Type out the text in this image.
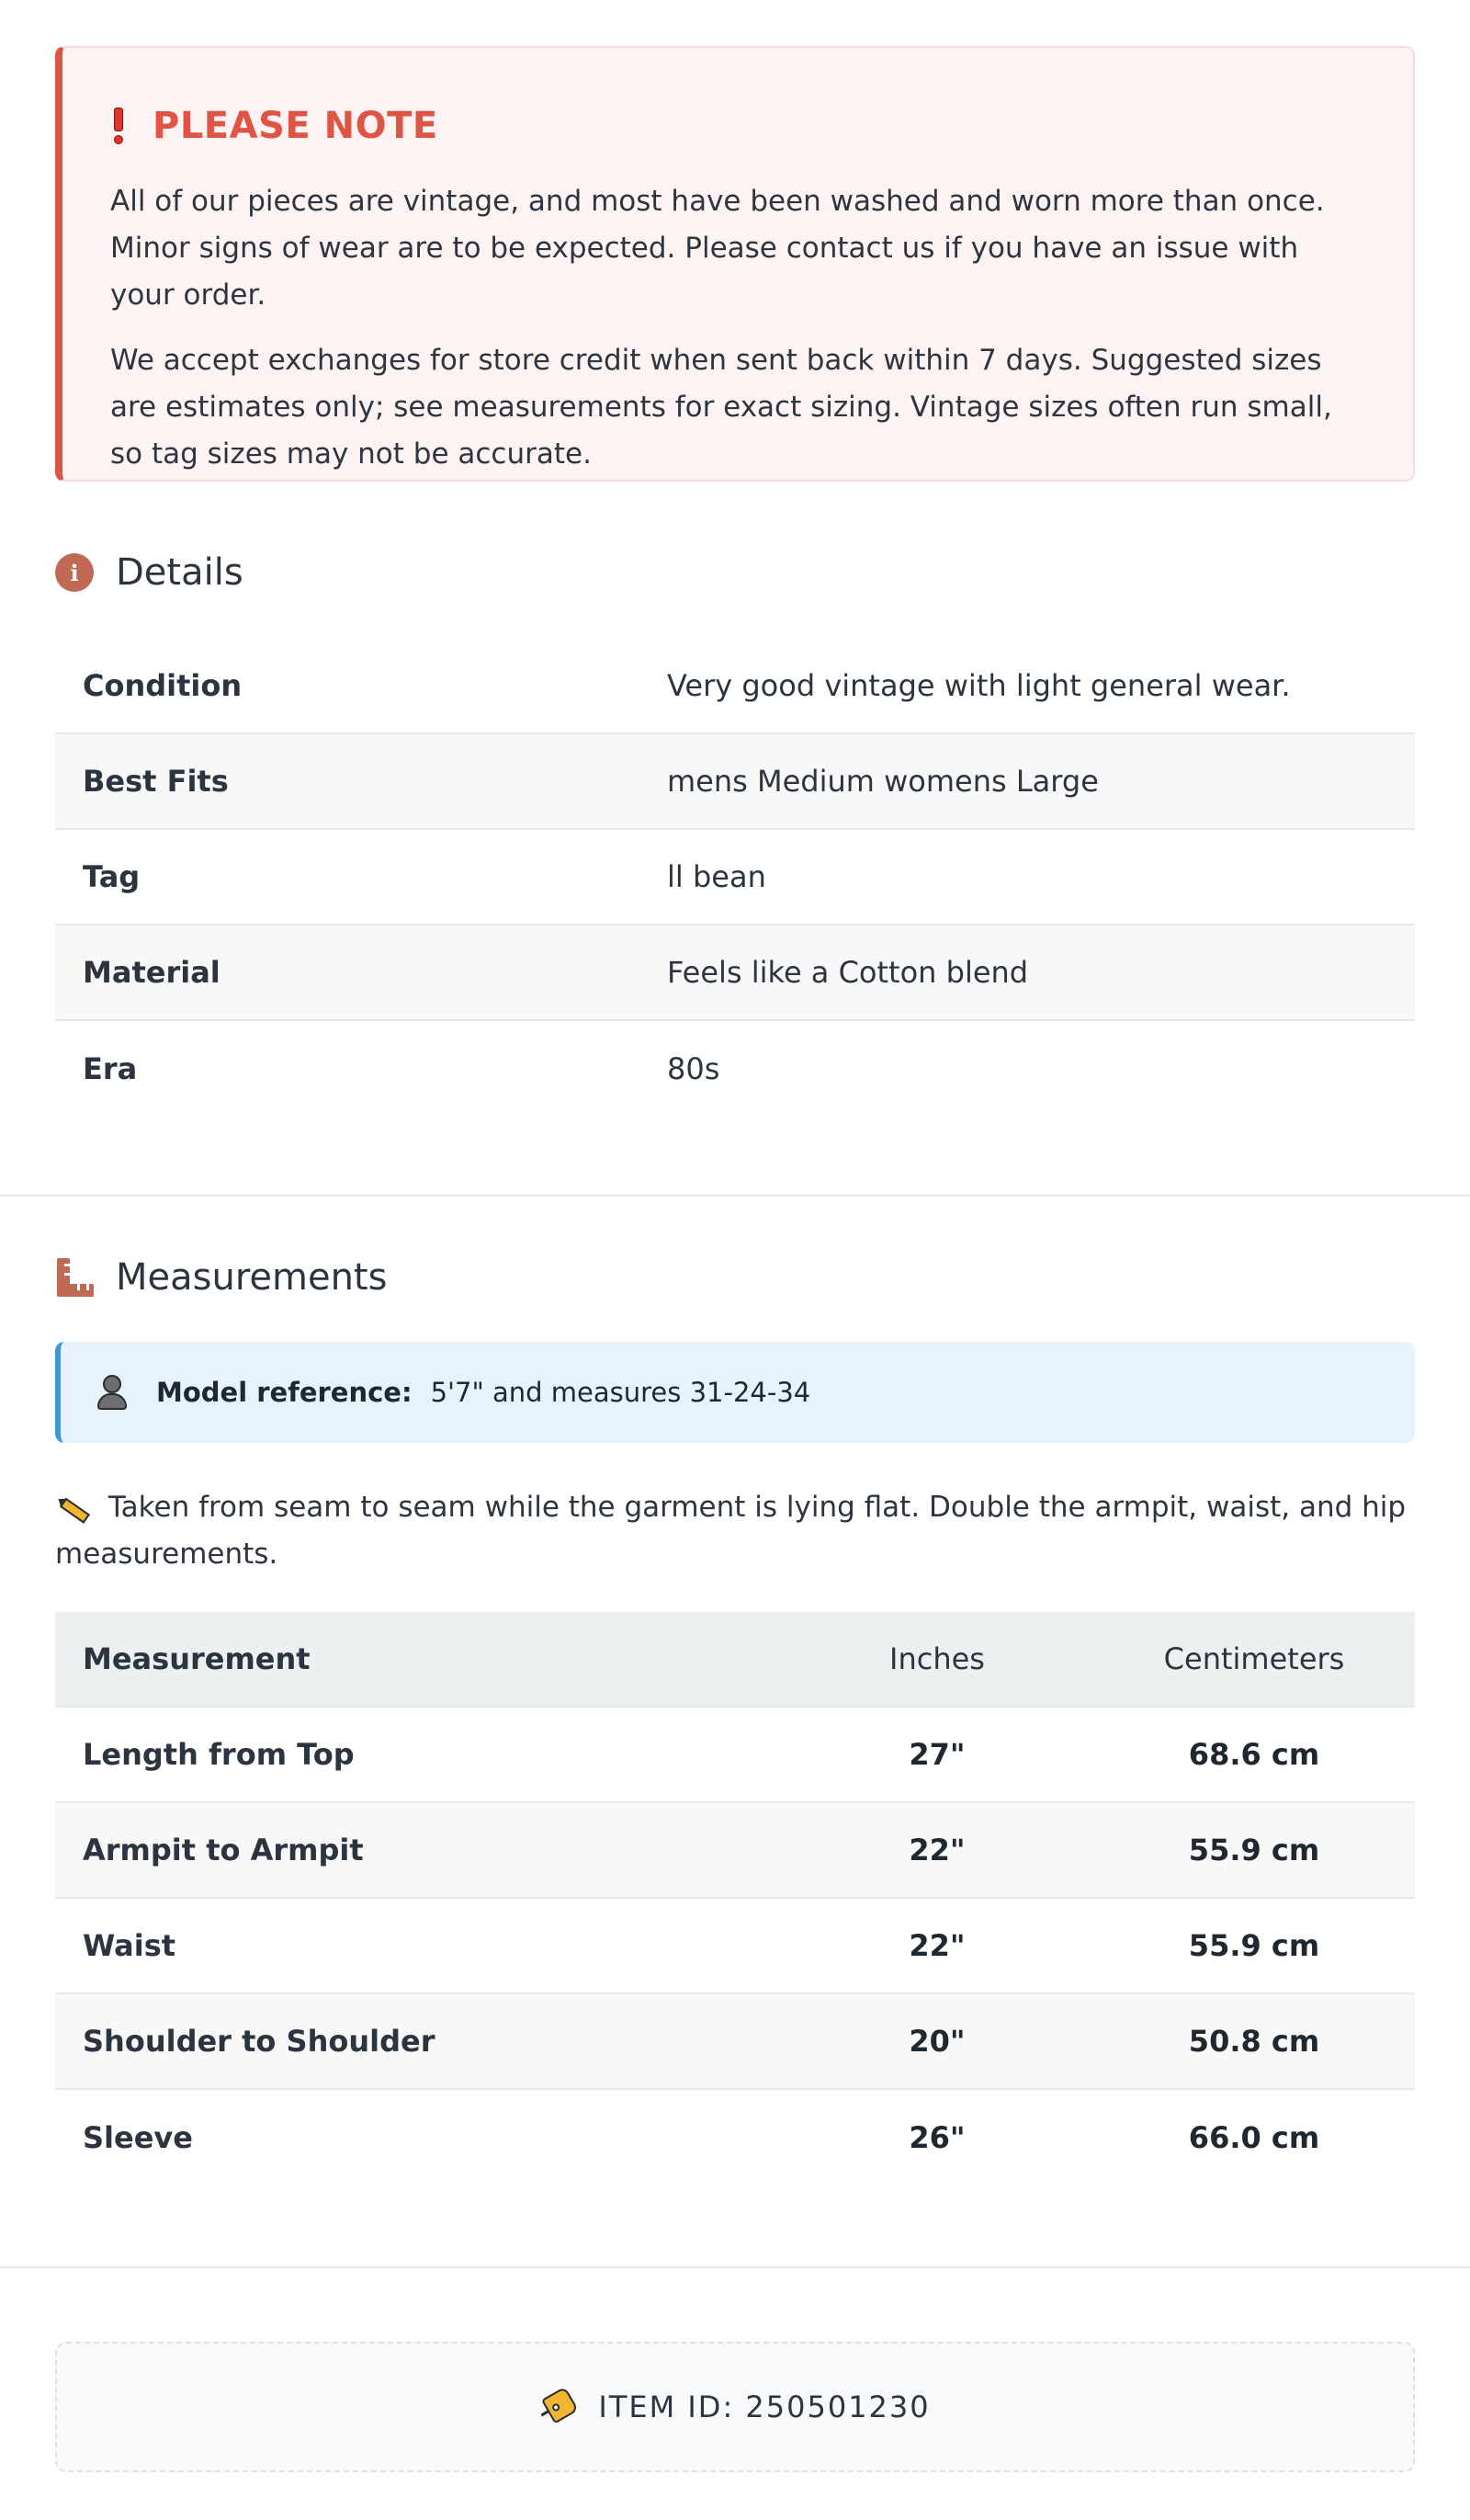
PLEASE NOTE

All of our pieces are vintage, and most have been washed and worn more than once. Minor signs of wear are to be expected. Please contact us if you have an issue with your order.

We accept exchanges for store credit when sent back within 7 days. Suggested sizes are estimates only; see measurements for exact sizing. Vintage sizes often run small, so tag sizes may not be accurate.

i	Details
Condition	Very good vintage with light general wear.
Best Fits	mens Medium womens Large
Tag	ll bean
Material	Feels like a Cotton blend
Era	80s
Measurements
Model reference: 5'7" and measures 31-24-34
Taken from seam to seam while the garment is lying flat. Double the armpit, waist, and hip measurements.
Measurement	Inches	Centimeters
Length from Top	27"	68.6 cm
Armpit to Armpit	22"	55.9 cm
Waist	22"	55.9 cm
Shoulder to Shoulder	20"	50.8 cm
Sleeve	26"	66.0 cm
ITEM ID: 250501230
